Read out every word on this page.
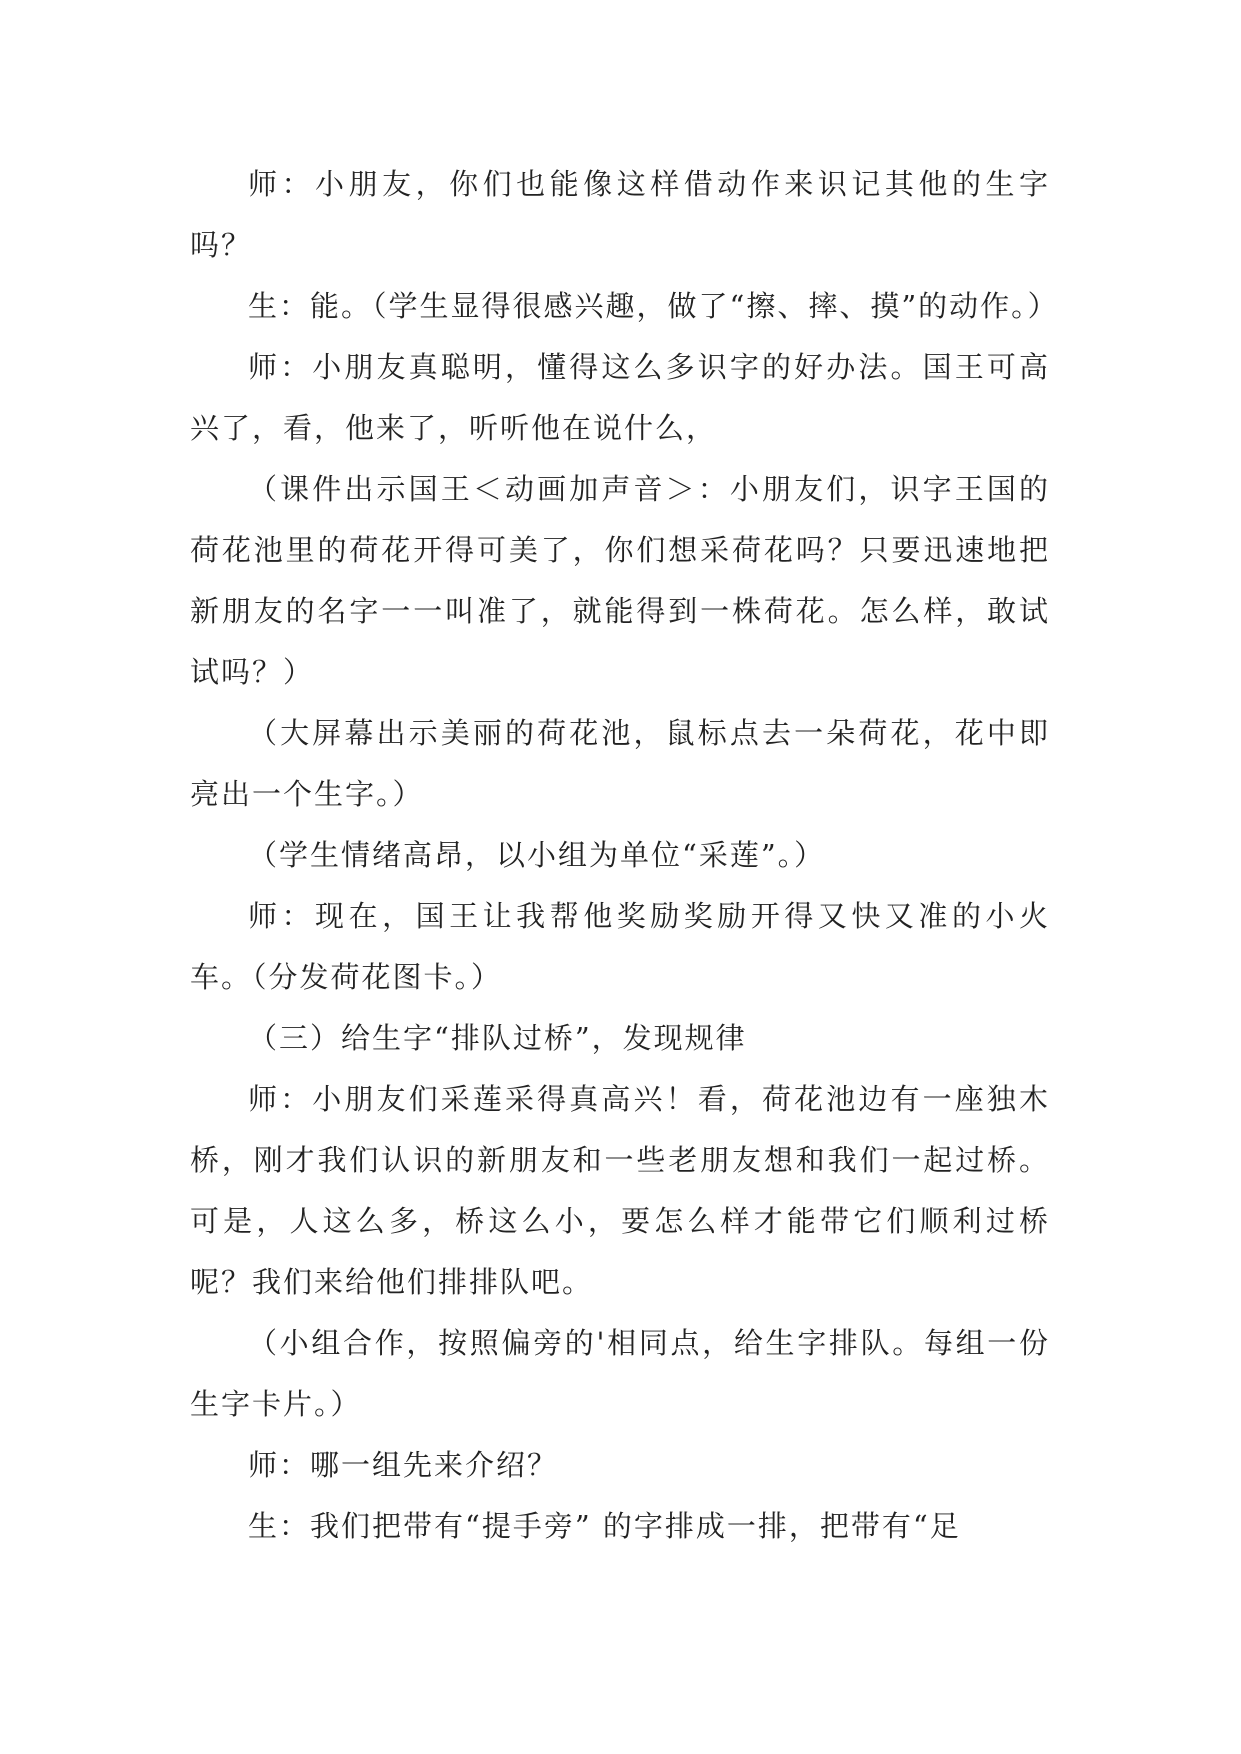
师：小朋友，你们也能像这样借动作来识记其他的生字吗？

生：能。（学生显得很感兴趣，做了“擦、摔、摸”的动作。）

师：小朋友真聪明，懂得这么多识字的好办法。国王可高兴了，看，他来了，听听他在说什么，

（课件出示国王＜动画加声音＞：小朋友们，识字王国的荷花池里的荷花开得可美了，你们想采荷花吗？只要迅速地把新朋友的名字一一叫准了，就能得到一株荷花。怎么样，敢试试吗？）

（大屏幕出示美丽的荷花池，鼠标点去一朵荷花，花中即亮出一个生字。）

（学生情绪高昂，以小组为单位“采莲”。）

师：现在，国王让我帮他奖励奖励开得又快又准的小火车。（分发荷花图卡。）

（三）给生字“排队过桥”，发现规律

师：小朋友们采莲采得真高兴！看，荷花池边有一座独木桥，刚才我们认识的新朋友和一些老朋友想和我们一起过桥。可是，人这么多，桥这么小，要怎么样才能带它们顺利过桥呢？我们来给他们排排队吧。

（小组合作，按照偏旁的'相同点，给生字排队。每组一份生字卡片。）

师：哪一组先来介绍？

生：我们把带有“提手旁” 的字排成一排，把带有“足
